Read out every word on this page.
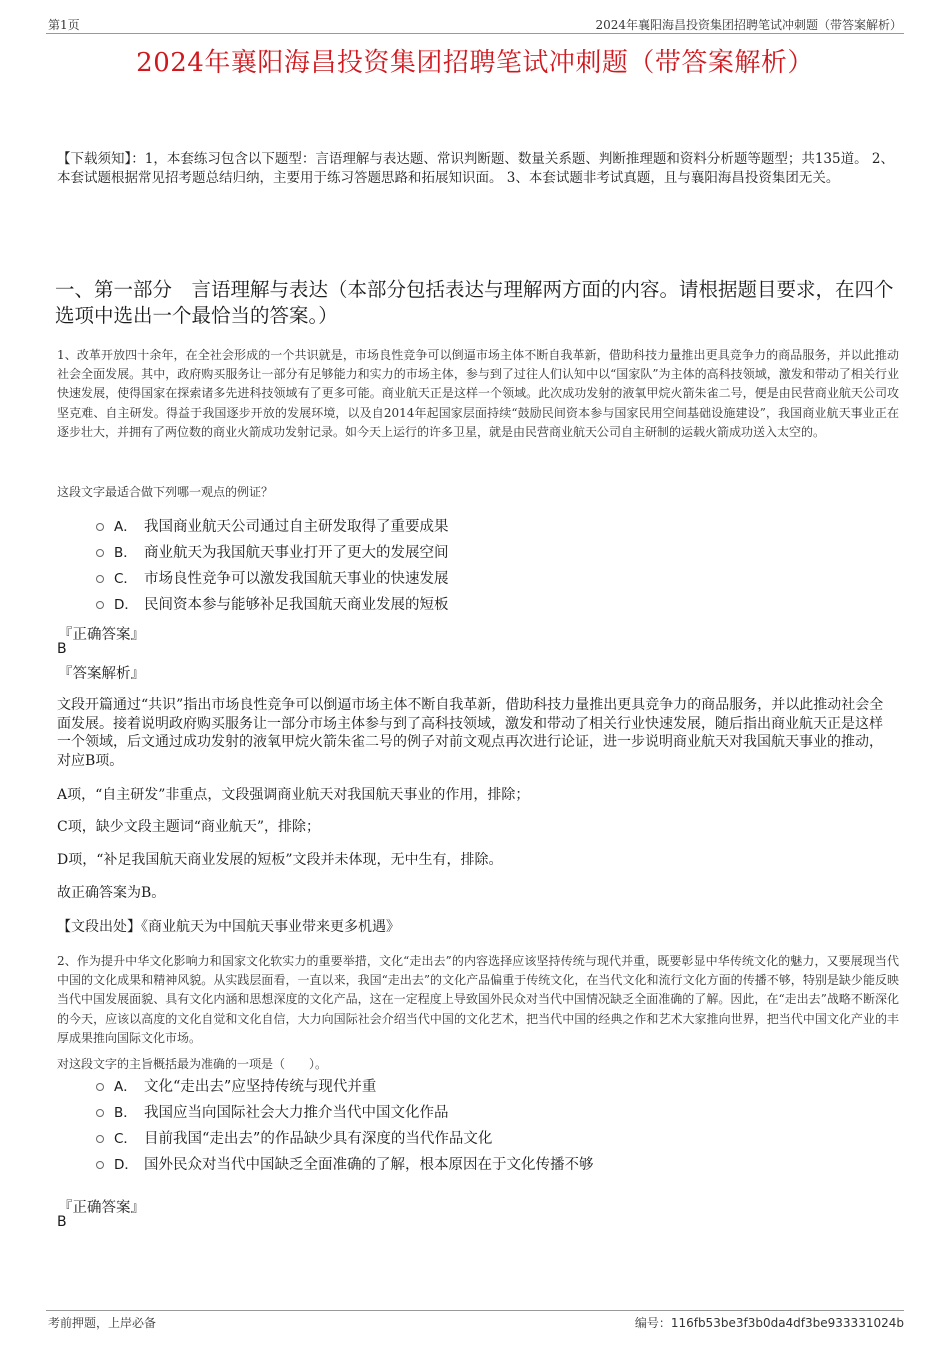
第1页	2024年襄阳海昌投资集团招聘笔试冲刺题（带答案解析）
2024年襄阳海昌投资集团招聘笔试冲刺题（带答案解析）
【下载须知】：1，本套练习包含以下题型：言语理解与表达题、常识判断题、数量关系题、判断推理题和资料分析题等题型；共135道。 2、本套试题根据常见招考题总结归纳，主要用于练习答题思路和拓展知识面。 3、本套试题非考试真题，且与襄阳海昌投资集团无关。
一、第一部分　言语理解与表达（本部分包括表达与理解两方面的内容。请根据题目要求，在四个选项中选出一个最恰当的答案。）
1、改革开放四十余年，在全社会形成的一个共识就是，市场良性竞争可以倒逼市场主体不断自我革新，借助科技力量推出更具竞争力的商品服务，并以此推动社会全面发展。其中，政府购买服务让一部分有足够能力和实力的市场主体，参与到了过往人们认知中以“国家队”为主体的高科技领域，激发和带动了相关行业快速发展，使得国家在探索诸多先进科技领域有了更多可能。商业航天正是这样一个领域。此次成功发射的液氧甲烷火箭朱雀二号，便是由民营商业航天公司攻坚克难、自主研发。得益于我国逐步开放的发展环境，以及自2014年起国家层面持续“鼓励民间资本参与国家民用空间基础设施建设”，我国商业航天事业正在逐步壮大，并拥有了两位数的商业火箭成功发射记录。如今天上运行的许多卫星，就是由民营商业航天公司自主研制的运载火箭成功送入太空的。
这段文字最适合做下列哪一观点的例证？
A． 我国商业航天公司通过自主研发取得了重要成果
B． 商业航天为我国航天事业打开了更大的发展空间
C． 市场良性竞争可以激发我国航天事业的快速发展
D． 民间资本参与能够补足我国航天商业发展的短板
『正确答案』
B
『答案解析』
文段开篇通过“共识”指出市场良性竞争可以倒逼市场主体不断自我革新，借助科技力量推出更具竞争力的商品服务，并以此推动社会全面发展。接着说明政府购买服务让一部分市场主体参与到了高科技领域，激发和带动了相关行业快速发展，随后指出商业航天正是这样一个领域，后文通过成功发射的液氧甲烷火箭朱雀二号的例子对前文观点再次进行论证，进一步说明商业航天对我国航天事业的推动，对应B项。
A项，“自主研发”非重点，文段强调商业航天对我国航天事业的作用，排除；
C项，缺少文段主题词“商业航天”，排除；
D项，“补足我国航天商业发展的短板”文段并未体现，无中生有，排除。
故正确答案为B。
【文段出处】《商业航天为中国航天事业带来更多机遇》
2、作为提升中华文化影响力和国家文化软实力的重要举措，文化“走出去”的内容选择应该坚持传统与现代并重，既要彰显中华传统文化的魅力，又要展现当代中国的文化成果和精神风貌。从实践层面看，一直以来，我国“走出去”的文化产品偏重于传统文化，在当代文化和流行文化方面的传播不够，特别是缺少能反映当代中国发展面貌、具有文化内涵和思想深度的文化产品，这在一定程度上导致国外民众对当代中国情况缺乏全面准确的了解。因此，在“走出去”战略不断深化的今天，应该以高度的文化自觉和文化自信，大力向国际社会介绍当代中国的文化艺术，把当代中国的经典之作和艺术大家推向世界，把当代中国文化产业的丰厚成果推向国际文化市场。
对这段文字的主旨概括最为准确的一项是（　　）。
A． 文化“走出去”应坚持传统与现代并重
B． 我国应当向国际社会大力推介当代中国文化作品
C． 目前我国“走出去”的作品缺少具有深度的当代作品文化
D． 国外民众对当代中国缺乏全面准确的了解，根本原因在于文化传播不够
『正确答案』
B
考前押题，上岸必备	编号：116fb53be3f3b0da4df3be933331024b
